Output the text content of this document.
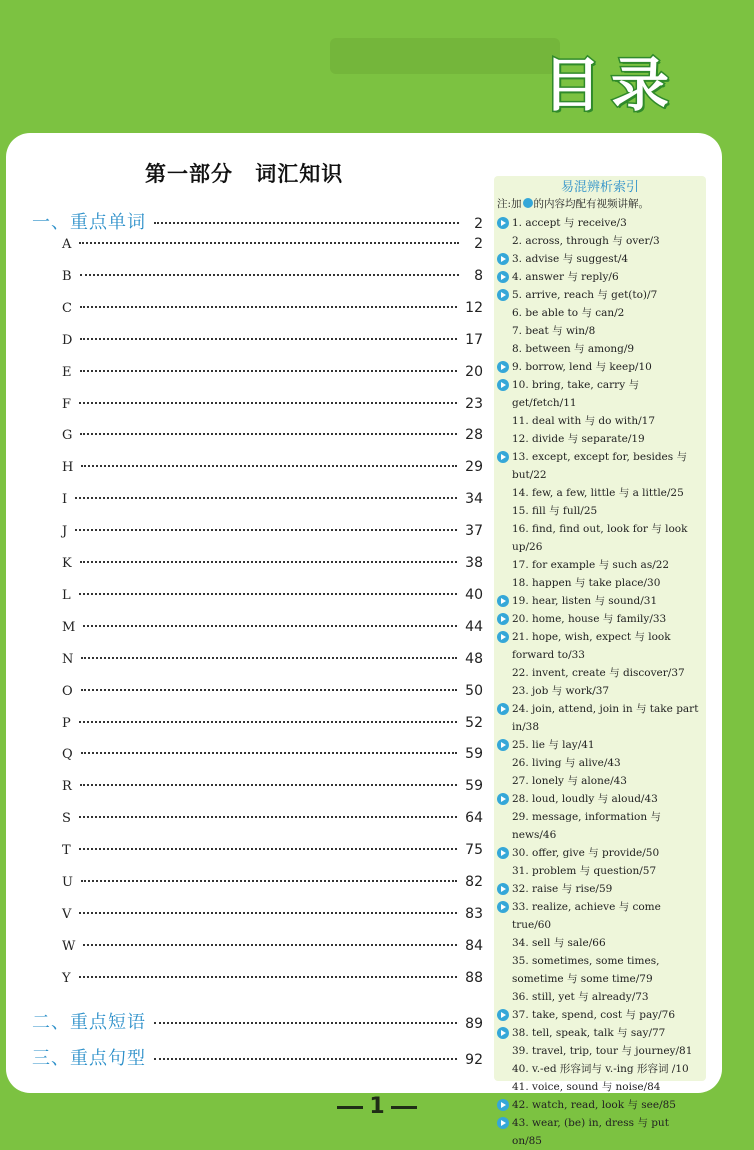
目录
第一部分 词汇知识
一、重点单词	2
A	2
B	8
C	12
D	17
E	20
F	23
G	28
H	29
I	34
J	37
K	38
L	40
M	44
N	48
O	50
P	52
Q	59
R	59
S	64
T	75
U	82
V	83
W	84
Y	88
二、重点短语	89
三、重点句型	92
易混辨析索引
注:加 的内容均配有视频讲解。
1. accept 与 receive/3
2. across, through 与 over/3
3. advise 与 suggest/4
4. answer 与 reply/6
5. arrive, reach 与 get(to)/7
6. be able to 与 can/2
7. beat 与 win/8
8. between 与 among/9
9. borrow, lend 与 keep/10
10. bring, take, carry 与 get/fetch/11
11. deal with 与 do with/17
12. divide 与 separate/19
13. except, except for, besides 与 but/22
14. few, a few, little 与 a little/25
15. fill 与 full/25
16. find, find out, look for 与 look up/26
17. for example 与 such as/22
18. happen 与 take place/30
19. hear, listen 与 sound/31
20. home, house 与 family/33
21. hope, wish, expect 与 look forward to/33
22. invent, create 与 discover/37
23. job 与 work/37
24. join, attend, join in 与 take part in/38
25. lie 与 lay/41
26. living 与 alive/43
27. lonely 与 alone/43
28. loud, loudly 与 aloud/43
29. message, information 与 news/46
30. offer, give 与 provide/50
31. problem 与 question/57
32. raise 与 rise/59
33. realize, achieve 与 come true/60
34. sell 与 sale/66
35. sometimes, some times, sometime 与 some time/79
36. still, yet 与 already/73
37. take, spend, cost 与 pay/76
38. tell, speak, talk 与 say/77
39. travel, trip, tour 与 journey/81
40. v.-ed 形容词与 v.-ing 形容词 /10
41. voice, sound 与 noise/84
42. watch, read, look 与 see/85
43. wear, (be) in, dress 与 put on/85
1
